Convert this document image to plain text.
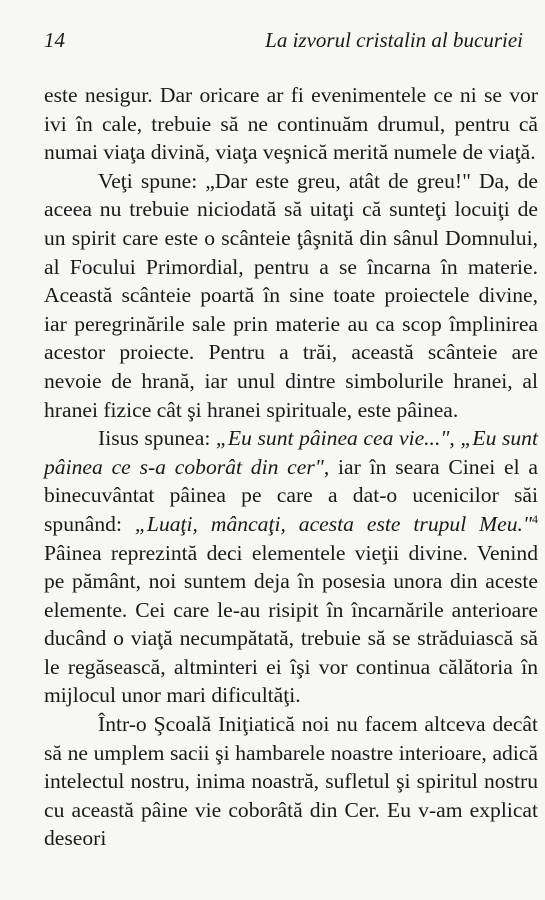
14	La izvorul cristalin al bucuriei

este nesigur. Dar oricare ar fi evenimentele ce ni se vor ivi în cale, trebuie să ne continuăm drumul, pentru că numai viaţa divină, viaţa veşnică merită numele de viaţă.

Veţi spune: „Dar este greu, atât de greu!" Da, de aceea nu trebuie niciodată să uitaţi că sunteţi locuiţi de un spirit care este o scânteie ţâşnită din sânul Domnului, al Focului Primordial, pentru a se încarna în materie. Această scânteie poartă în sine toate proiectele divine, iar peregrinările sale prin materie au ca scop împlinirea acestor proiecte. Pentru a trăi, această scânteie are nevoie de hrană, iar unul dintre simbolurile hranei, al hranei fizice cât şi hranei spirituale, este pâinea.

Iisus spunea: „Eu sunt pâinea cea vie...", „Eu sunt pâinea ce s-a coborât din cer", iar în seara Cinei el a binecuvântat pâinea pe care a dat-o ucenicilor săi spunând: „Luaţi, mâncaţi, acesta este trupul Meu."$^4$ Pâinea reprezintă deci elementele vieţii divine. Venind pe pământ, noi suntem deja în posesia unora din aceste elemente. Cei care le-au risipit în încarnările anterioare ducând o viaţă necumpătată, trebuie să se străduiască să le regăsească, altminteri ei îşi vor continua călătoria în mijlocul unor mari dificultăţi.

Într-o Şcoală Iniţiatică noi nu facem altceva decât să ne umplem sacii şi hambarele noastre interioare, adică intelectul nostru, inima noastră, sufletul şi spiritul nostru cu această pâine vie coborâtă din Cer. Eu v-am explicat deseori
